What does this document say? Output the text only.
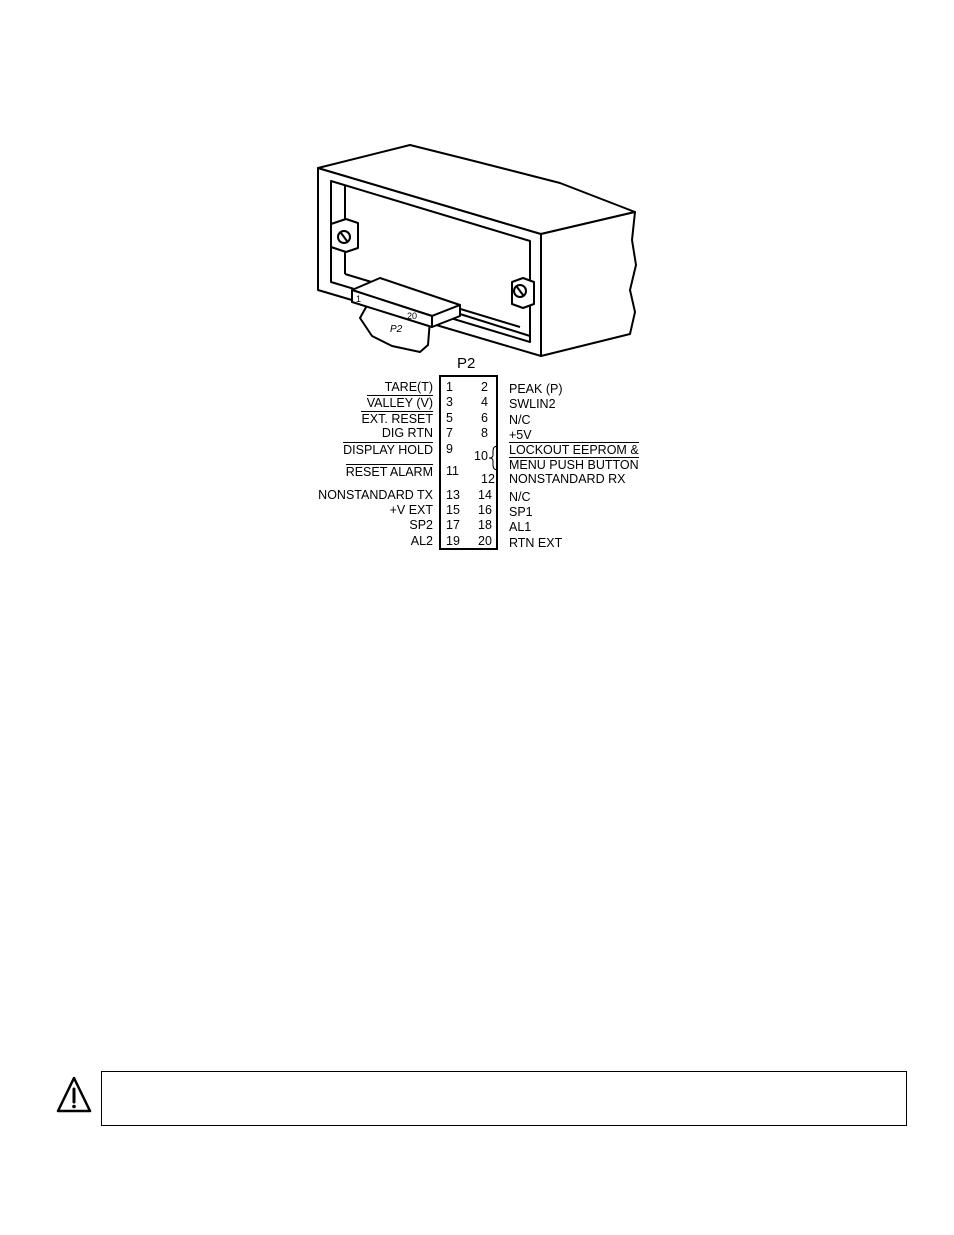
1
20
P2
P2
TARE(T)
VALLEY (V)
EXT. RESET
DIG RTN
DISPLAY HOLD
RESET ALARM
NONSTANDARD TX
+V EXT
SP2
AL2
1
3
5
7
9
11
13
15
17
19
2
4
6
8
10
12
14
16
18
20
PEAK (P)
SWLIN2
N/C
+5V
LOCKOUT EEPROM &
MENU PUSH BUTTON
NONSTANDARD RX
N/C
SP1
AL1
RTN EXT
